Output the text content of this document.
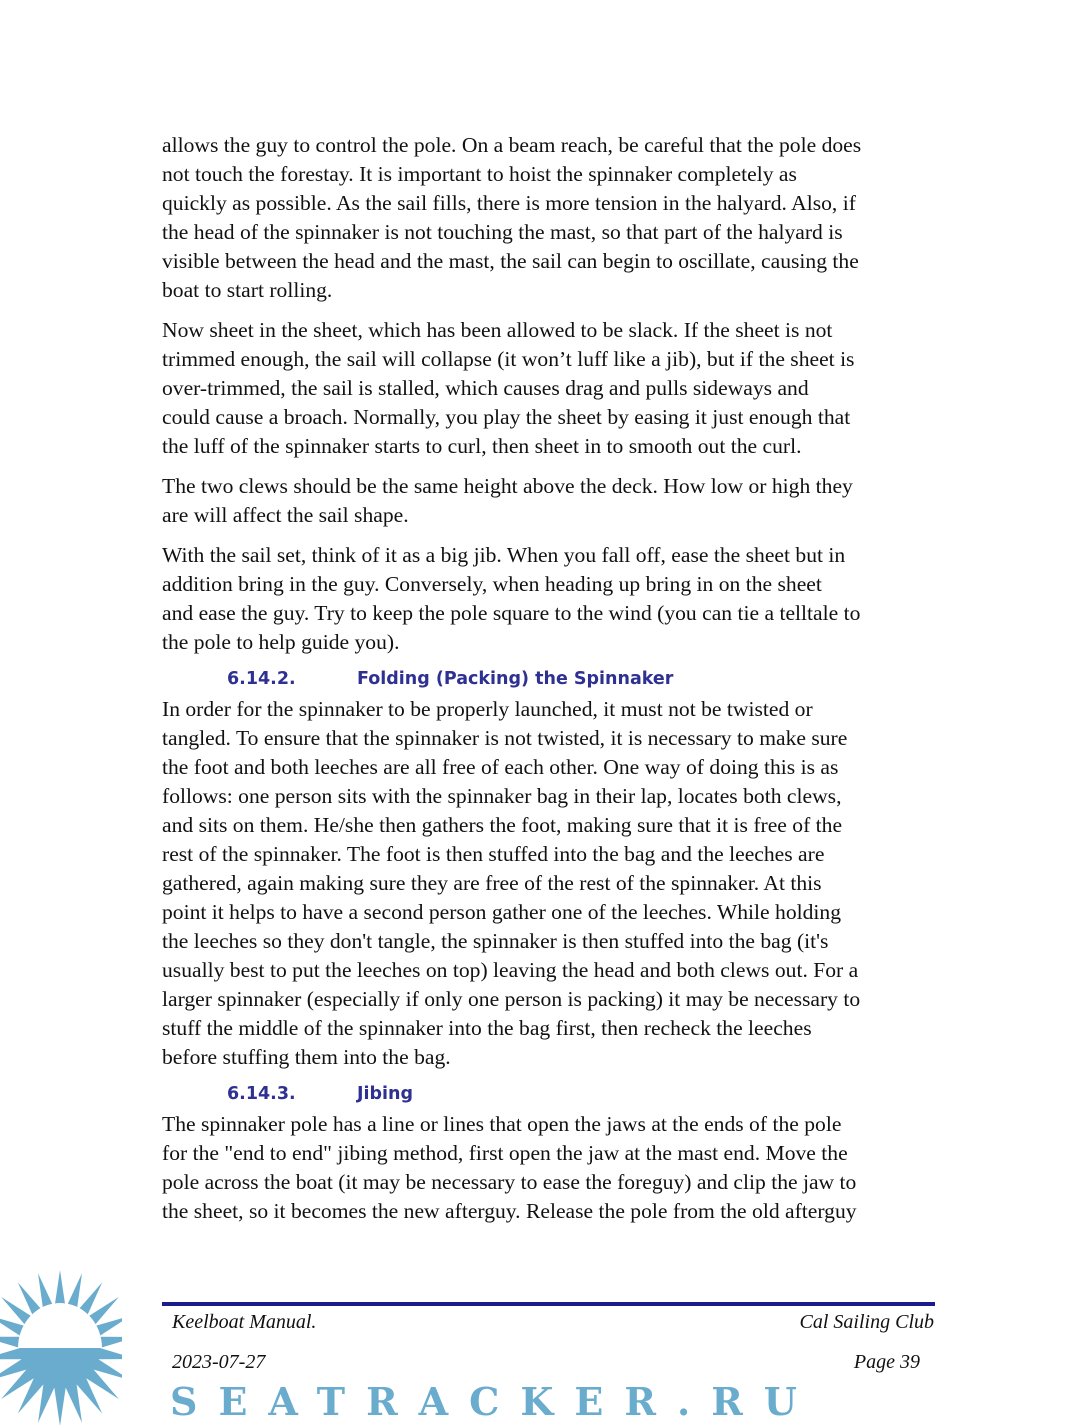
allows the guy to control the pole. On a beam reach, be careful that the pole does
not touch the forestay. It is important to hoist the spinnaker completely as
quickly as possible. As the sail fills, there is more tension in the halyard. Also, if
the head of the spinnaker is not touching the mast, so that part of the halyard is
visible between the head and the mast, the sail can begin to oscillate, causing the
boat to start rolling.

Now sheet in the sheet, which has been allowed to be slack. If the sheet is not
trimmed enough, the sail will collapse (it won’t luff like a jib), but if the sheet is
over-trimmed, the sail is stalled, which causes drag and pulls sideways and
could cause a broach. Normally, you play the sheet by easing it just enough that
the luff of the spinnaker starts to curl, then sheet in to smooth out the curl.

The two clews should be the same height above the deck. How low or high they
are will affect the sail shape.

With the sail set, think of it as a big jib. When you fall off, ease the sheet but in
addition bring in the guy. Conversely, when heading up bring in on the sheet
and ease the guy. Try to keep the pole square to the wind (you can tie a telltale to
the pole to help guide you).

6.14.2.	Folding (Packing) the Spinnaker

In order for the spinnaker to be properly launched, it must not be twisted or
tangled. To ensure that the spinnaker is not twisted, it is necessary to make sure
the foot and both leeches are all free of each other. One way of doing this is as
follows: one person sits with the spinnaker bag in their lap, locates both clews,
and sits on them. He/she then gathers the foot, making sure that it is free of the
rest of the spinnaker. The foot is then stuffed into the bag and the leeches are
gathered, again making sure they are free of the rest of the spinnaker. At this
point it helps to have a second person gather one of the leeches. While holding
the leeches so they don't tangle, the spinnaker is then stuffed into the bag (it's
usually best to put the leeches on top) leaving the head and both clews out. For a
larger spinnaker (especially if only one person is packing) it may be necessary to
stuff the middle of the spinnaker into the bag first, then recheck the leeches
before stuffing them into the bag.

6.14.3.	Jibing

The spinnaker pole has a line or lines that open the jaws at the ends of the pole
for the "end to end" jibing method, first open the jaw at the mast end. Move the
pole across the boat (it may be necessary to ease the foreguy) and clip the jaw to
the sheet, so it becomes the new afterguy. Release the pole from the old afterguy

SEATRACKER.RU
Keelboat Manual.	Cal Sailing Club
2023-07-27	Page 39
